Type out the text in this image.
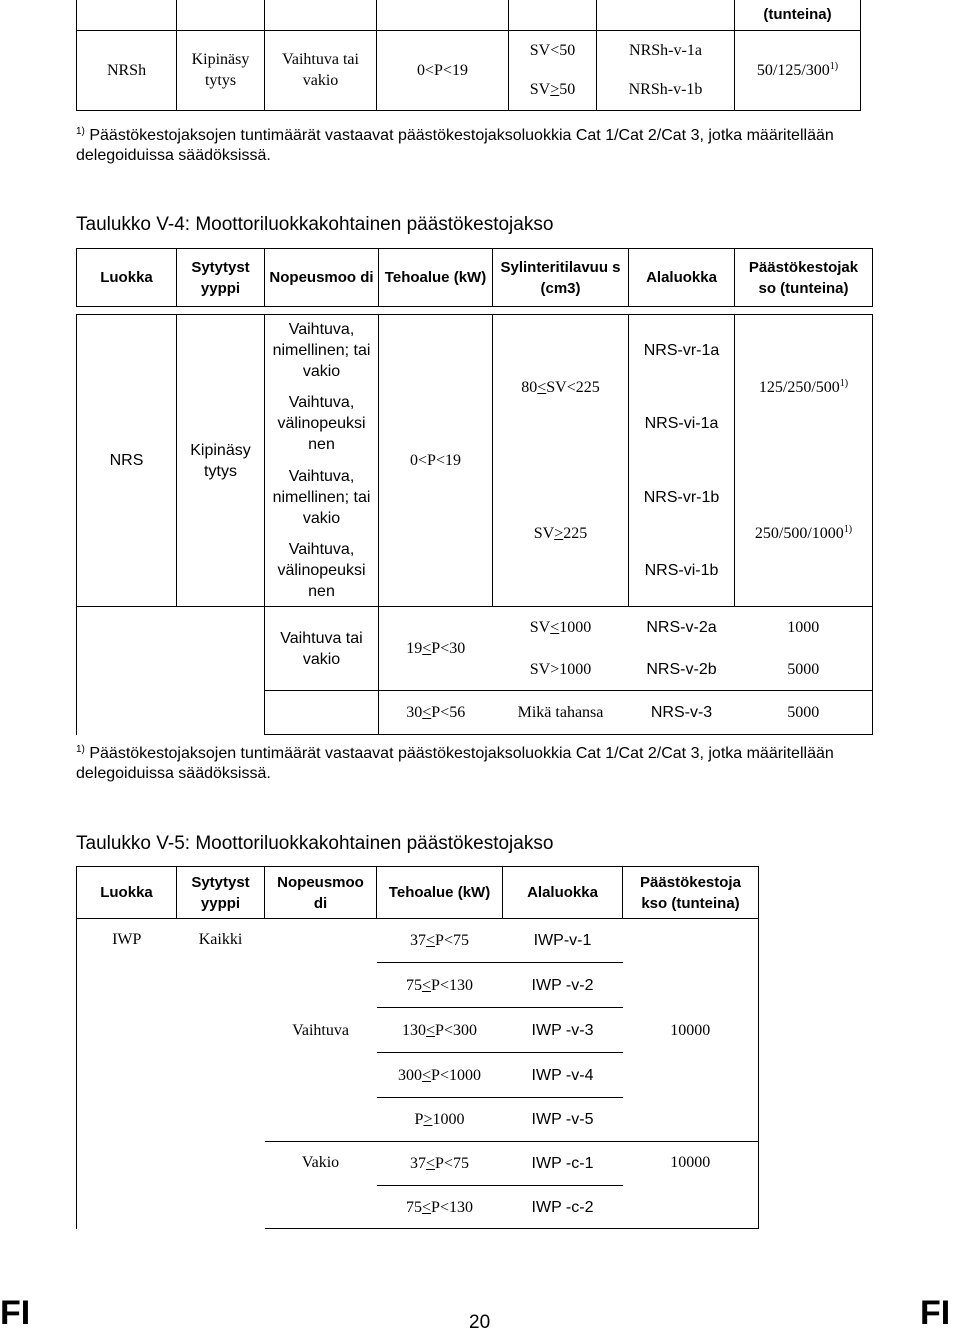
						(tunteina)
NRSh	Kipinäsy tytys	Vaihtuva tai vakio	0<P<19	SV<50	NRSh-v-1a	50/125/300$^{1)}$
				SV>50	NRSh-v-1b	
$^{1)}$ Päästökestojaksojen tuntimäärät vastaavat päästökestojaksoluokkia Cat 1/Cat 2/Cat 3, jotka määritellään delegoiduissa säädöksissä.
Taulukko V-4: Moottoriluokkakohtainen päästökestojakso
Luokka	Sytytyst yyppi	Nopeusmoo di	Tehoalue (kW)	Sylinteritilavuu s (cm3)	Alaluokka	Päästökestojak so (tunteina)

NRS	Kipinäsy tytys	Vaihtuva, nimellinen; tai vakio	0<P<19	80<SV<225	NRS-vr-1a	125/250/500$^{1)}$
		Vaihtuva, välinopeuksi nen			NRS-vi-1a	
		Vaihtuva, nimellinen; tai vakio		SV>225	NRS-vr-1b	250/500/1000$^{1)}$
		Vaihtuva, välinopeuksi nen			NRS-vi-1b	
		Vaihtuva tai vakio	19<P<30	SV<1000	NRS-v-2a	1000
				SV>1000	NRS-v-2b	5000
			30<P<56	Mikä tahansa	NRS-v-3	5000
$^{1)}$ Päästökestojaksojen tuntimäärät vastaavat päästökestojaksoluokkia Cat 1/Cat 2/Cat 3, jotka määritellään delegoiduissa säädöksissä.
Taulukko V-5: Moottoriluokkakohtainen päästökestojakso
Luokka	Sytytyst yyppi	Nopeusmoo di	Tehoalue (kW)	Alaluokka	Päästökestoja kso (tunteina)
IWP	Kaikki	Vaihtuva	37<P<75	IWP-v-1	10000
			75<P<130	IWP -v-2	
			130<P<300	IWP -v-3	
			300<P<1000	IWP -v-4	
			P>1000	IWP -v-5	
		Vakio	37<P<75	IWP -c-1	10000
			75<P<130	IWP -c-2	
FI	20	FI
